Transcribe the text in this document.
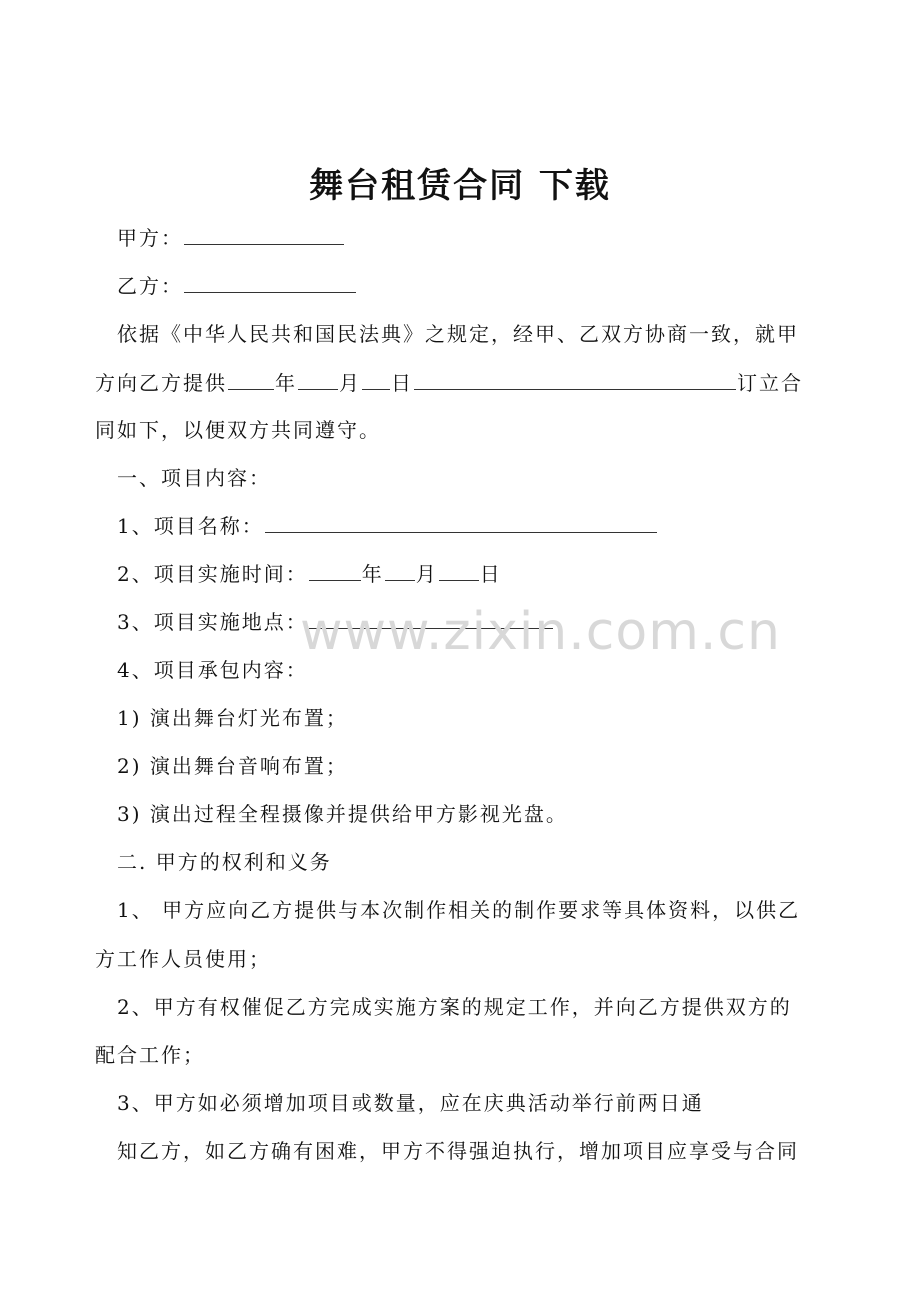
舞台租赁合同 下载
甲方：
乙方：
依据《中华人民共和国民法典》之规定，经甲、乙双方协商一致，就甲
方向乙方提供 年 月 日	订立合
同如下，以便双方共同遵守。
一、项目内容：
1、项目名称：
2、项目实施时间：	年 月 日
3、项目实施地点：
4、项目承包内容：
1) 演出舞台灯光布置；
2) 演出舞台音响布置；
3) 演出过程全程摄像并提供给甲方影视光盘。
二. 甲方的权利和义务
1、 甲方应向乙方提供与本次制作相关的制作要求等具体资料，以供乙
方工作人员使用；
2、甲方有权催促乙方完成实施方案的规定工作，并向乙方提供双方的
配合工作；
3、甲方如必须增加项目或数量，应在庆典活动举行前两日通
知乙方，如乙方确有困难，甲方不得强迫执行，增加项目应享受与合同
www.zixin.com.cn
